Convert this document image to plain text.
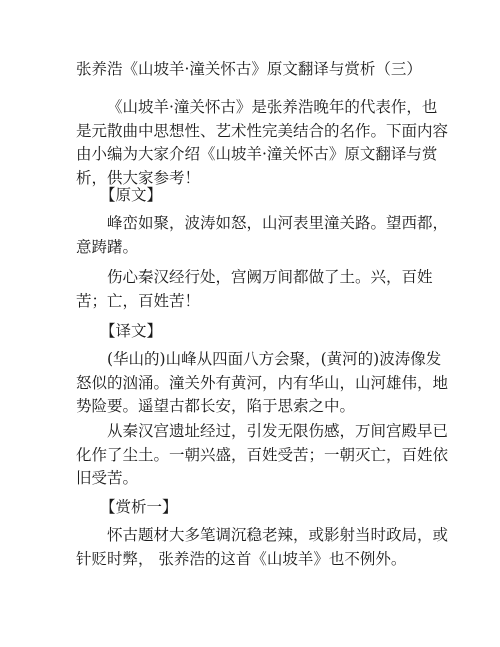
张养浩《山坡羊·潼关怀古》原文翻译与赏析（三）

《山坡羊·潼关怀古》是张养浩晚年的代表作，也是元散曲中思想性、艺术性完美结合的名作。下面内容由小编为大家介绍《山坡羊·潼关怀古》原文翻译与赏析，供大家参考！

【原文】

峰峦如聚，波涛如怒，山河表里潼关路。望西都，意踌躇。

伤心秦汉经行处，宫阙万间都做了土。兴，百姓苦；亡，百姓苦！

【译文】

(华山的)山峰从四面八方会聚，(黄河的)波涛像发怒似的汹涌。潼关外有黄河，内有华山，山河雄伟，地势险要。遥望古都长安，陷于思索之中。

从秦汉宫遗址经过，引发无限伤感，万间宫殿早已化作了尘土。一朝兴盛，百姓受苦；一朝灭亡，百姓依旧受苦。

【赏析一】

怀古题材大多笔调沉稳老辣，或影射当时政局，或针贬时弊， 张养浩的这首《山坡羊》也不例外。
